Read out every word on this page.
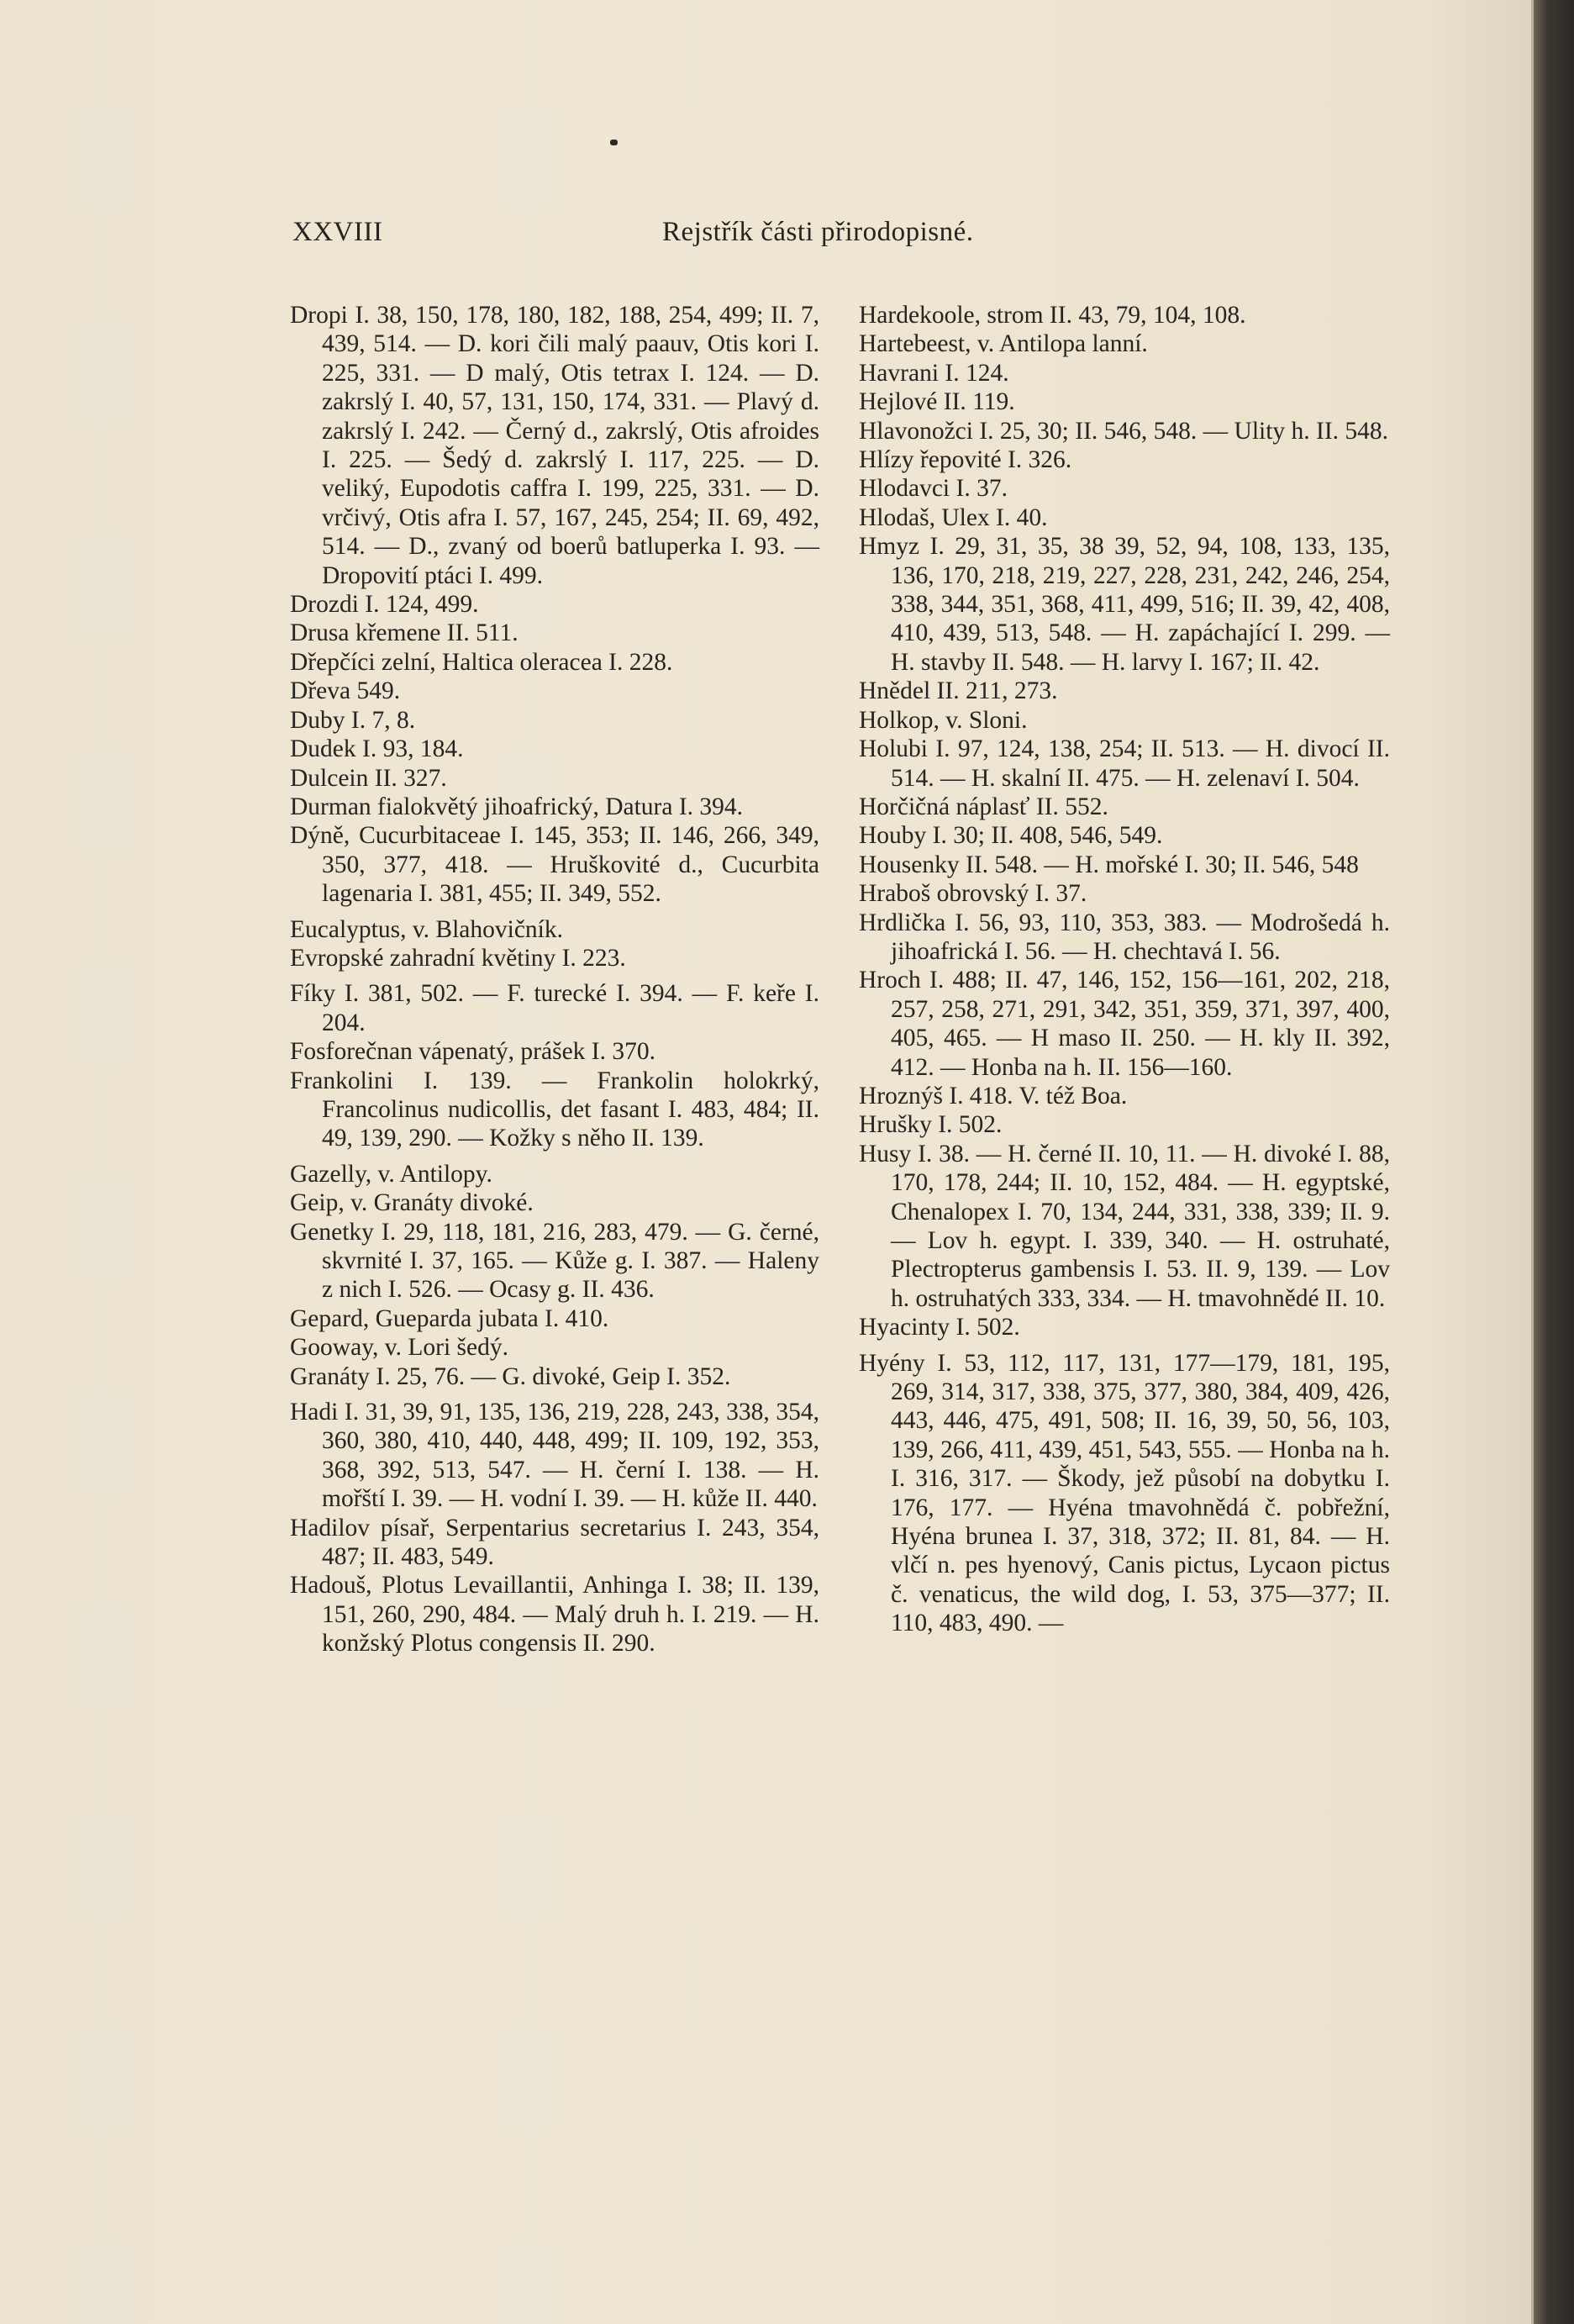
XXVIII	Rejstřík části přirodopisné.
Dropi I. 38, 150, 178, 180, 182, 188, 254, 499; II. 7, 439, 514. — D. kori čili malý paauv, Otis kori I. 225, 331. — D malý, Otis tetrax I. 124. — D. zakrslý I. 40, 57, 131, 150, 174, 331. — Plavý d. zakrslý I. 242. — Černý d., zakrslý, Otis afroides I. 225. — Šedý d. zakrslý I. 117, 225. — D. veliký, Eupodotis caffra I. 199, 225, 331. — D. vrčivý, Otis afra I. 57, 167, 245, 254; II. 69, 492, 514. — D., zvaný od boerů batluperka I. 93. — Dropovití ptáci I. 499.
Drozdi I. 124, 499.
Drusa křemene II. 511.
Dřepčíci zelní, Haltica oleracea I. 228.
Dřeva 549.
Duby I. 7, 8.
Dudek I. 93, 184.
Dulcein II. 327.
Durman fialokvětý jihoafrický, Datura I. 394.
Dýně, Cucurbitaceae I. 145, 353; II. 146, 266, 349, 350, 377, 418. — Hruškovité d., Cucurbita lagenaria I. 381, 455; II. 349, 552.
Eucalyptus, v. Blahovičník.
Evropské zahradní květiny I. 223.
Fíky I. 381, 502. — F. turecké I. 394. — F. keře I. 204.
Fosforečnan vápenatý, prášek I. 370.
Frankolini I. 139. — Frankolin holokrký, Francolinus nudicollis, det fasant I. 483, 484; II. 49, 139, 290. — Kožky s něho II. 139.
Gazelly, v. Antilopy.
Geip, v. Granáty divoké.
Genetky I. 29, 118, 181, 216, 283, 479. — G. černé, skvrnité I. 37, 165. — Kůže g. I. 387. — Haleny z nich I. 526. — Ocasy g. II. 436.
Gepard, Guepardа jubata I. 410.
Gooway, v. Lori šedý.
Granáty I. 25, 76. — G. divoké, Geip I. 352.
Hadi I. 31, 39, 91, 135, 136, 219, 228, 243, 338, 354, 360, 380, 410, 440, 448, 499; II. 109, 192, 353, 368, 392, 513, 547. — H. černí I. 138. — H. mořští I. 39. — H. vodní I. 39. — H. kůže II. 440.
Hadilov písař, Serpentarius secretarius I. 243, 354, 487; II. 483, 549.
Hadouš, Plotus Levaillantii, Anhinga I. 38; II. 139, 151, 260, 290, 484. — Malý druh h. I. 219. — H. konžský Plotus congensis II. 290.
Hardekoole, strom II. 43, 79, 104, 108.
Hartebeest, v. Antilopa lanní.
Havrani I. 124.
Hejlové II. 119.
Hlavonožci I. 25, 30; II. 546, 548. — Ulity h. II. 548.
Hlízy řepovité I. 326.
Hlodavci I. 37.
Hlodaš, Ulex I. 40.
Hmyz I. 29, 31, 35, 38 39, 52, 94, 108, 133, 135, 136, 170, 218, 219, 227, 228, 231, 242, 246, 254, 338, 344, 351, 368, 411, 499, 516; II. 39, 42, 408, 410, 439, 513, 548. — H. zapáchající I. 299. — H. stavby II. 548. — H. larvy I. 167; II. 42.
Hnědel II. 211, 273.
Holkop, v. Sloni.
Holubi I. 97, 124, 138, 254; II. 513. — H. divocí II. 514. — H. skalní II. 475. — H. zelenaví I. 504.
Horčičná náplasť II. 552.
Houby I. 30; II. 408, 546, 549.
Housenky II. 548. — H. mořské I. 30; II. 546, 548
Hraboš obrovský I. 37.
Hrdlička I. 56, 93, 110, 353, 383. — Modrošedá h. jihoafrická I. 56. — H. chechtavá I. 56.
Hroch I. 488; II. 47, 146, 152, 156—161, 202, 218, 257, 258, 271, 291, 342, 351, 359, 371, 397, 400, 405, 465. — H maso II. 250. — H. kly II. 392, 412. — Honba na h. II. 156—160.
Hroznýš I. 418. V. též Boa.
Hrušky I. 502.
Husy I. 38. — H. černé II. 10, 11. — H. divoké I. 88, 170, 178, 244; II. 10, 152, 484. — H. egyptské, Chenalopex I. 70, 134, 244, 331, 338, 339; II. 9. — Lov h. egypt. I. 339, 340. — H. ostruhaté, Plectropterus gambensis I. 53. II. 9, 139. — Lov h. ostruhatých 333, 334. — H. tmavohnědé II. 10.
Hyacinty I. 502.
Hyény I. 53, 112, 117, 131, 177—179, 181, 195, 269, 314, 317, 338, 375, 377, 380, 384, 409, 426, 443, 446, 475, 491, 508; II. 16, 39, 50, 56, 103, 139, 266, 411, 439, 451, 543, 555. — Honba na h. I. 316, 317. — Škody, jež působí na dobytku I. 176, 177. — Hyéna tmavohnědá č. pobřežní, Hyéna brunea I. 37, 318, 372; II. 81, 84. — H. vlčí n. pes hyenový, Canis pictus, Lycaon pictus č. venaticus, the wild dog, I. 53, 375—377; II. 110, 483, 490. —
